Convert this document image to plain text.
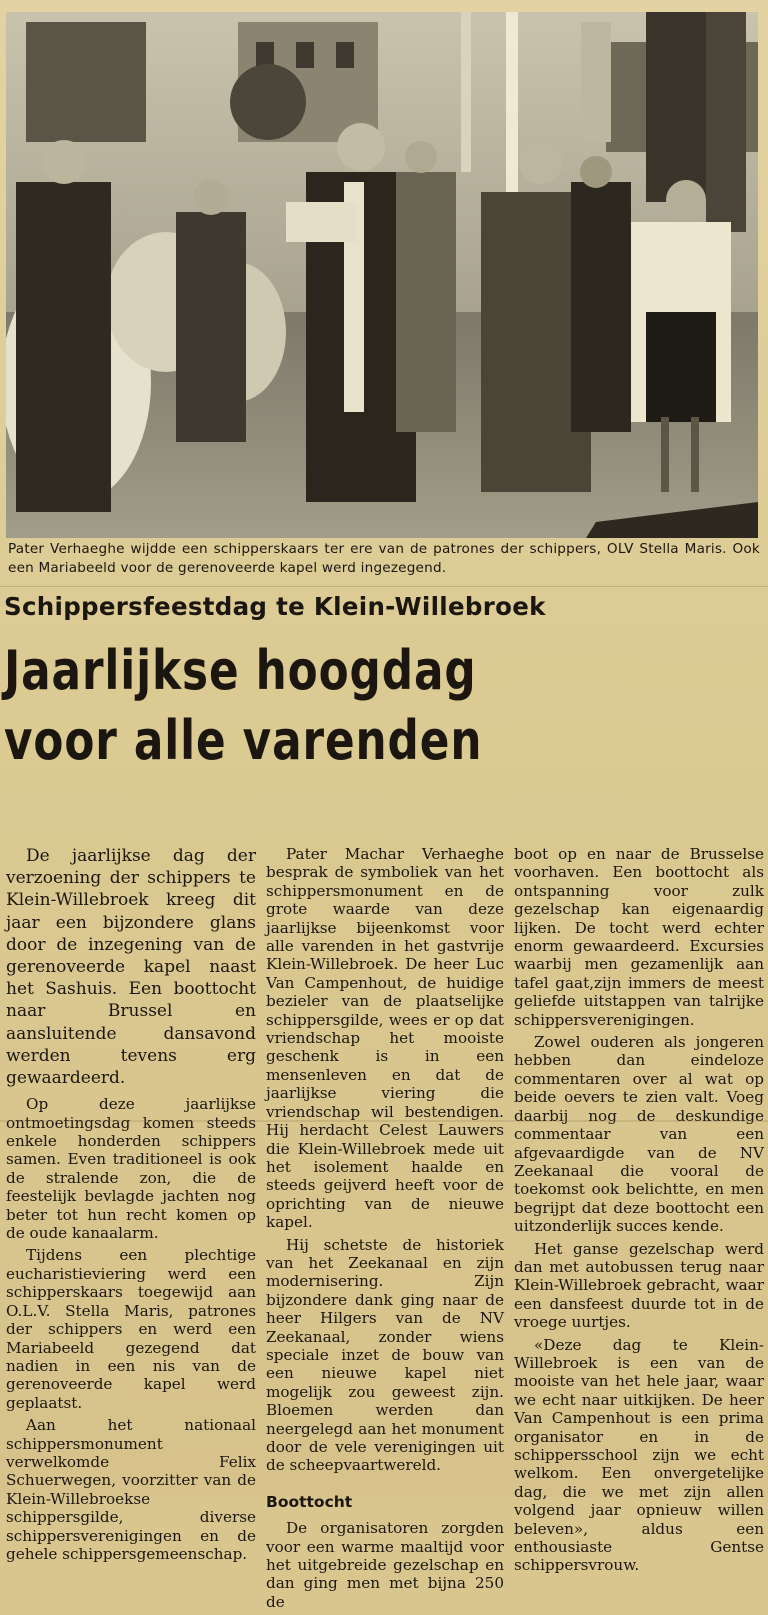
Pater Verhaeghe wijdde een schipperskaars ter ere van de patrones der schippers, OLV Stella Maris. Ook een Mariabeeld voor de gerenoveerde kapel werd ingezegend.
Schippersfeestdag te Klein-Willebroek
Jaarlijkse hoogdag
voor alle varenden

De jaarlijkse dag der verzoening der schippers te Klein-Willebroek kreeg dit jaar een bijzondere glans door de inzegening van de gerenoveerde kapel naast het Sashuis. Een boottocht naar Brussel en aansluitende dansavond werden tevens erg gewaardeerd.

Op deze jaarlijkse ontmoetingsdag komen steeds enkele honderden schippers samen. Even traditioneel is ook de stralende zon, die de feestelijk bevlagde jachten nog beter tot hun recht komen op de oude kanaalarm.

Tijdens een plechtige eucharistieviering werd een schipperskaars toegewijd aan O.L.V. Stella Maris, patrones der schippers en werd een Mariabeeld gezegend dat nadien in een nis van de gerenoveerde kapel werd geplaatst.

Aan het nationaal schippersmonument verwelkomde Felix Schuerwegen, voorzitter van de Klein-Willebroekse schippersgilde, diverse schippersverenigingen en de gehele schippersgemeenschap.

Pater Machar Verhaeghe besprak de symboliek van het schippersmonument en de grote waarde van deze jaarlijkse bijeenkomst voor alle varenden in het gastvrije Klein-Willebroek. De heer Luc Van Campenhout, de huidige bezieler van de plaatselijke schippersgilde, wees er op dat vriendschap het mooiste geschenk is in een mensenleven en dat de jaarlijkse viering die vriendschap wil bestendigen. Hij herdacht Celest Lauwers die Klein-Willebroek mede uit het isolement haalde en steeds geijverd heeft voor de oprichting van de nieuwe kapel.

Hij schetste de historiek van het Zeekanaal en zijn modernisering. Zijn bijzondere dank ging naar de heer Hilgers van de NV Zeekanaal, zonder wiens speciale inzet de bouw van een nieuwe kapel niet mogelijk zou geweest zijn. Bloemen werden dan neergelegd aan het monument door de vele verenigingen uit de scheepvaartwereld.

Boottocht

De organisatoren zorgden voor een warme maaltijd voor het uitgebreide gezelschap en dan ging men met bijna 250 de

boot op en naar de Brusselse voorhaven. Een boottocht als ontspanning voor zulk gezelschap kan eigenaardig lijken. De tocht werd echter enorm gewaardeerd. Excursies waarbij men gezamenlijk aan tafel gaat,zijn immers de meest geliefde uitstappen van talrijke schippersverenigingen.

Zowel ouderen als jongeren hebben dan eindeloze commentaren over al wat op beide oevers te zien valt. Voeg daarbij nog de deskundige commentaar van een afgevaardigde van de NV Zeekanaal die vooral de toekomst ook belichtte, en men begrijpt dat deze boottocht een uitzonderlijk succes kende.

Het ganse gezelschap werd dan met autobussen terug naar Klein-Willebroek gebracht, waar een dansfeest duurde tot in de vroege uurtjes.

«Deze dag te Klein-Willebroek is een van de mooiste van het hele jaar, waar we echt naar uitkijken. De heer Van Campenhout is een prima organisator en in de schippersschool zijn we echt welkom. Een onvergetelijke dag, die we met zijn allen volgend jaar opnieuw willen beleven», aldus een enthousiaste Gentse schippersvrouw.
